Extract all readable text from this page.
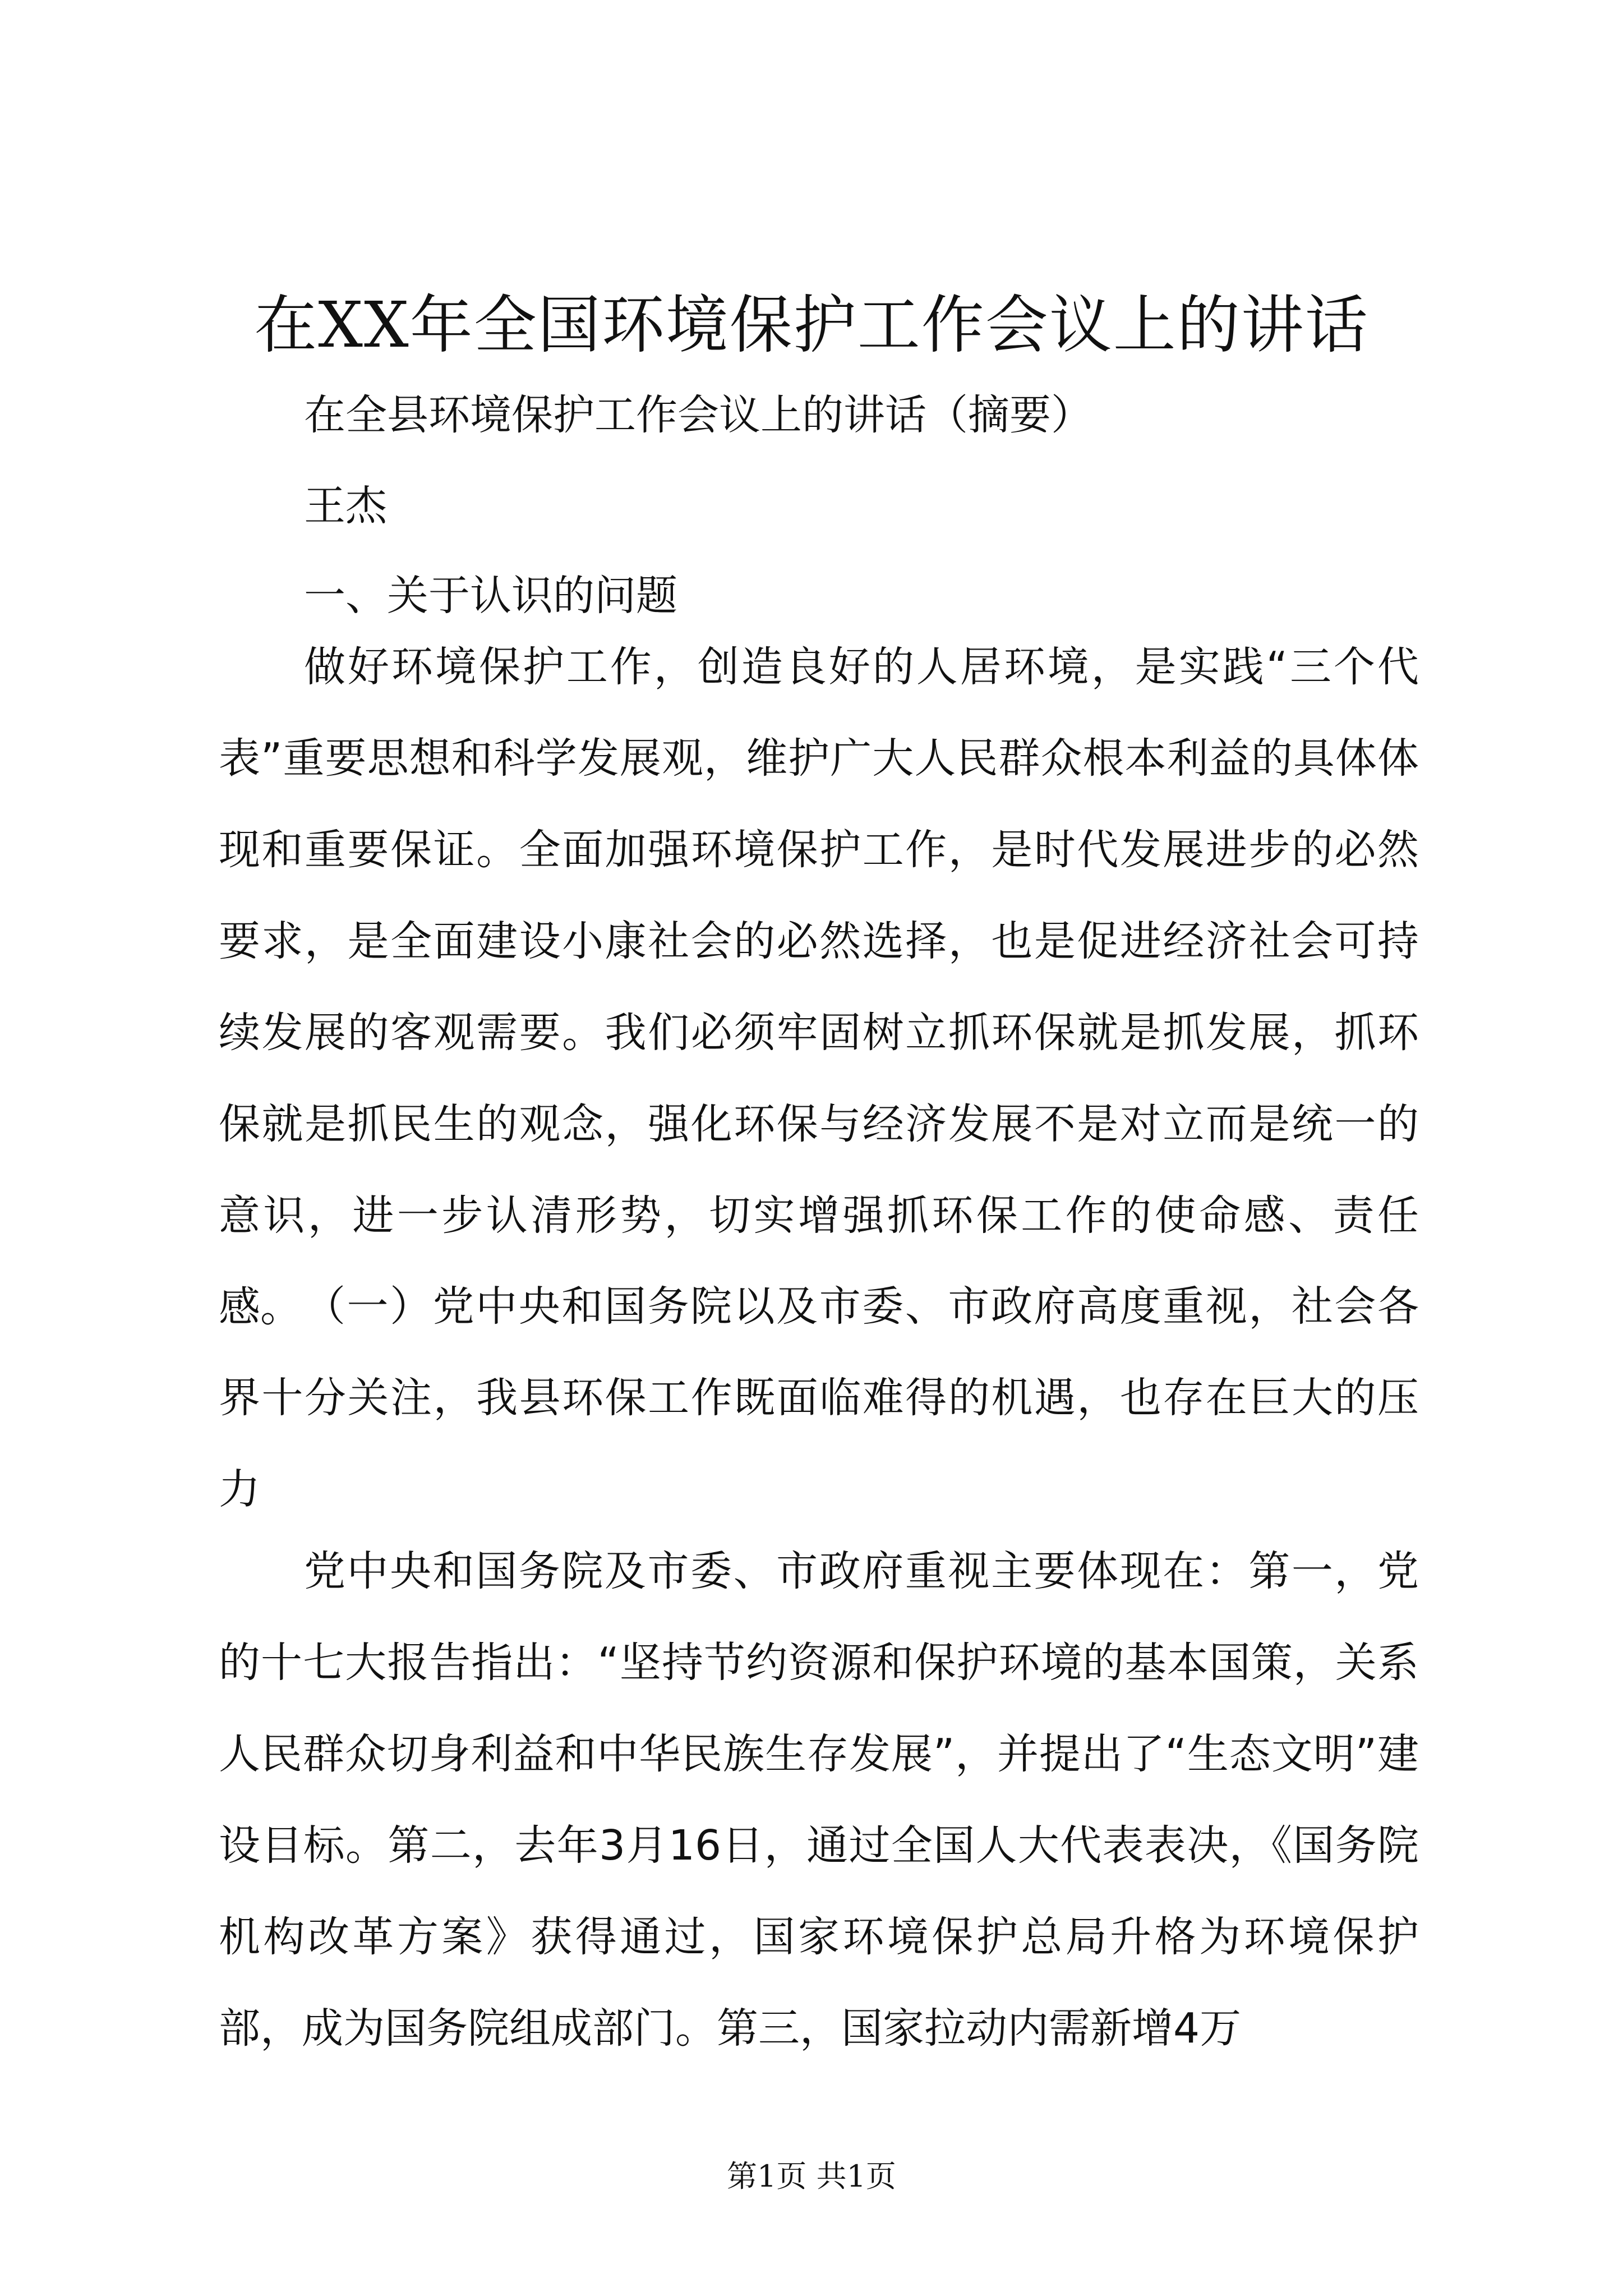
在XX年全国环境保护工作会议上的讲话
在全县环境保护工作会议上的讲话（摘要）
王杰
一、关于认识的问题
做好环境保护工作，创造良好的人居环境，是实践“三个代表”重要思想和科学发展观，维护广大人民群众根本利益的具体体现和重要保证。全面加强环境保护工作，是时代发展进步的必然要求，是全面建设小康社会的必然选择，也是促进经济社会可持续发展的客观需要。我们必须牢固树立抓环保就是抓发展，抓环保就是抓民生的观念，强化环保与经济发展不是对立而是统一的意识，进一步认清形势，切实增强抓环保工作的使命感、责任感。 （一）党中央和国务院以及市委、市政府高度重视，社会各界十分关注，我县环保工作既面临难得的机遇，也存在巨大的压力
党中央和国务院及市委、市政府重视主要体现在：第一，党的十七大报告指出：“坚持节约资源和保护环境的基本国策，关系人民群众切身利益和中华民族生存发展”，并提出了“生态文明”建设目标。第二，去年3月16日，通过全国人大代表表决，《国务院机构改革方案》获得通过，国家环境保护总局升格为环境保护部，成为国务院组成部门。第三，国家拉动内需新增4万
第1页 共1页
